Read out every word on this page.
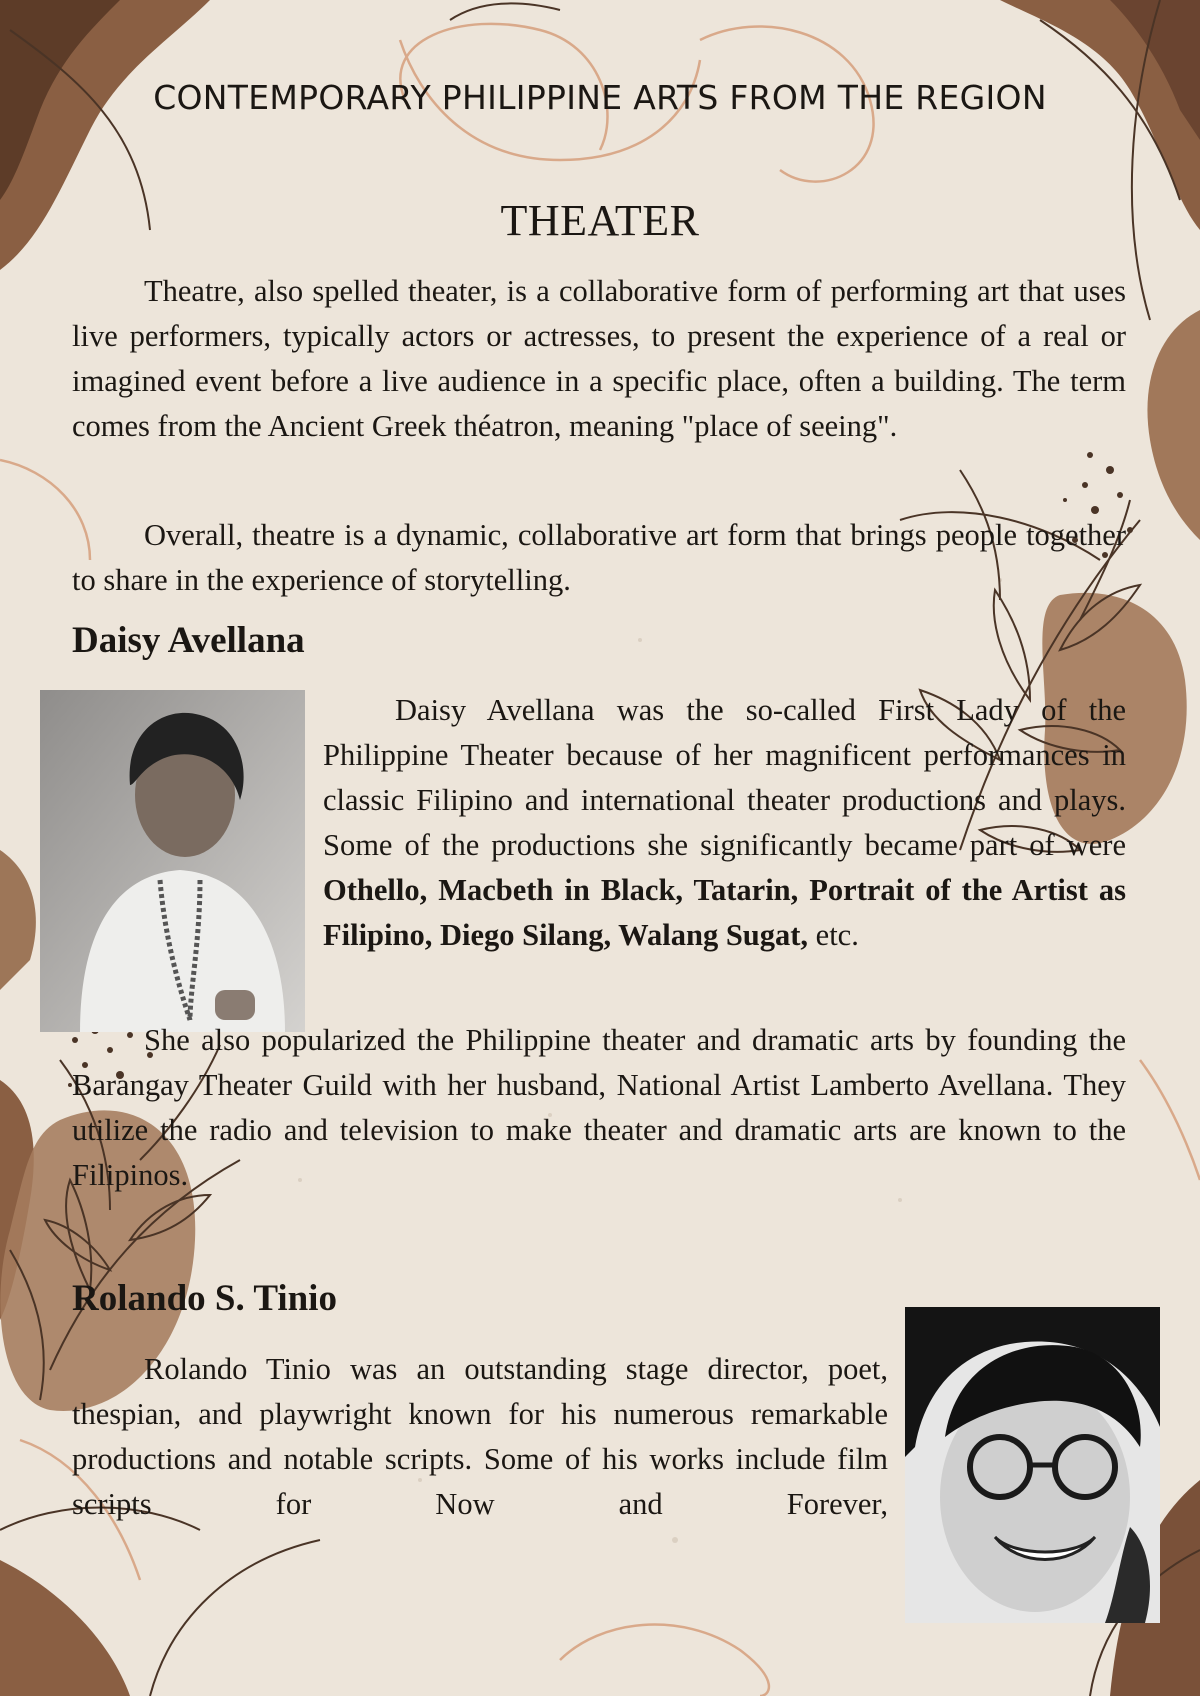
CONTEMPORARY PHILIPPINE ARTS FROM THE REGION
THEATER

Theatre, also spelled theater, is a collaborative form of performing art that uses live performers, typically actors or actresses, to present the experience of a real or imagined event before a live audience in a specific place, often a building. The term comes from the Ancient Greek théatron, meaning "place of seeing".

Overall, theatre is a dynamic, collaborative art form that brings people together to share in the experience of storytelling.

Daisy Avellana

Daisy Avellana was the so-called First Lady of the Philippine Theater because of her magnificent performances in classic Filipino and international theater productions and plays. Some of the productions she significantly became part of were Othello, Macbeth in Black, Tatarin, Portrait of the Artist as Filipino, Diego Silang, Walang Sugat, etc.

She also popularized the Philippine theater and dramatic arts by founding the Barangay Theater Guild with her husband, National Artist Lamberto Avellana. They utilize the radio and television to make theater and dramatic arts are known to the Filipinos.

Rolando S. Tinio

Rolando Tinio was an outstanding stage director, poet, thespian, and playwright known for his numerous remarkable productions and notable scripts. Some of his works include film scripts for Now and Forever,
